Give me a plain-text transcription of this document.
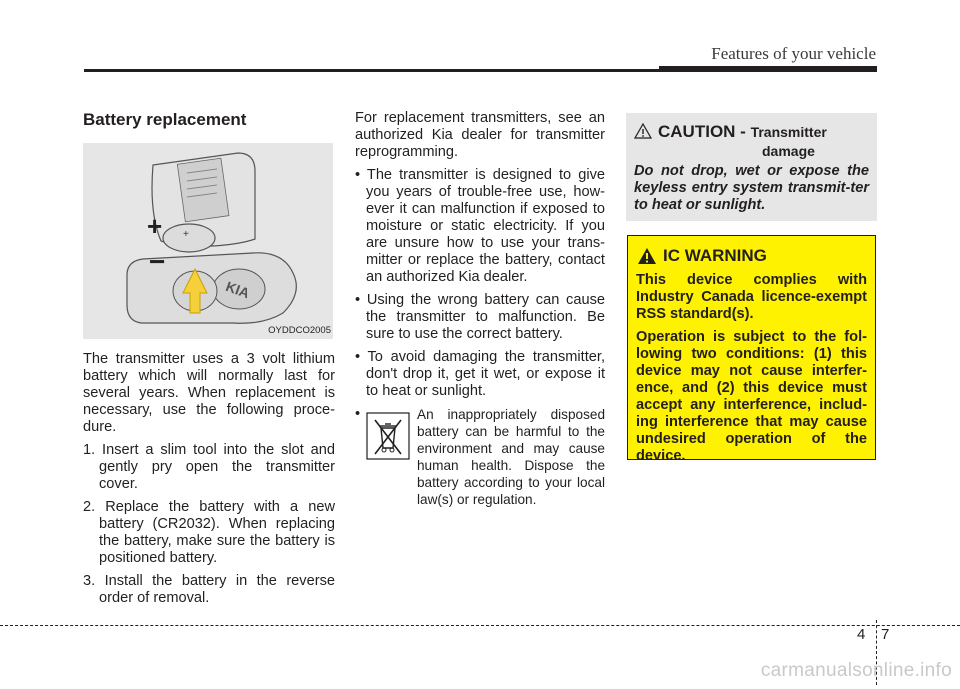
Features of your vehicle
Battery replacement
+
KIA
+
−
OYDDCO2005

The transmitter uses a 3 volt lithium battery which will normally last for several years. When replacement is necessary, use the following proce-dure.

1. Insert a slim tool into the slot and gently pry open the transmitter cover.
2. Replace the battery with a new battery (CR2032). When replacing the battery, make sure the battery is positioned battery.
3. Install the battery in the reverse order of removal.

For replacement transmitters, see an authorized Kia dealer for transmitter reprogramming.

• The transmitter is designed to give you years of trouble-free use, how-ever it can malfunction if exposed to moisture or static electricity. If you are unsure how to use your trans-mitter or replace the battery, contact an authorized Kia dealer.
• Using the wrong battery can cause the transmitter to malfunction. Be sure to use the correct battery.
• To avoid damaging the transmitter, don't drop it, get it wet, or expose it to heat or sunlight.
•	An inappropriately disposed battery can be harmful to the environment and may cause human health. Dispose the battery according to your local law(s) or regulation.
CAUTION - Transmitter
damage
Do not drop, wet or expose the keyless entry system transmit-ter to heat or sunlight.
IC WARNING

This device complies with Industry Canada licence-exempt RSS standard(s).

Operation is subject to the fol-lowing two conditions: (1) this device may not cause interfer-ence, and (2) this device must accept any interference, includ-ing interference that may cause undesired operation of the device.

4 7
carmanualsonline.info
